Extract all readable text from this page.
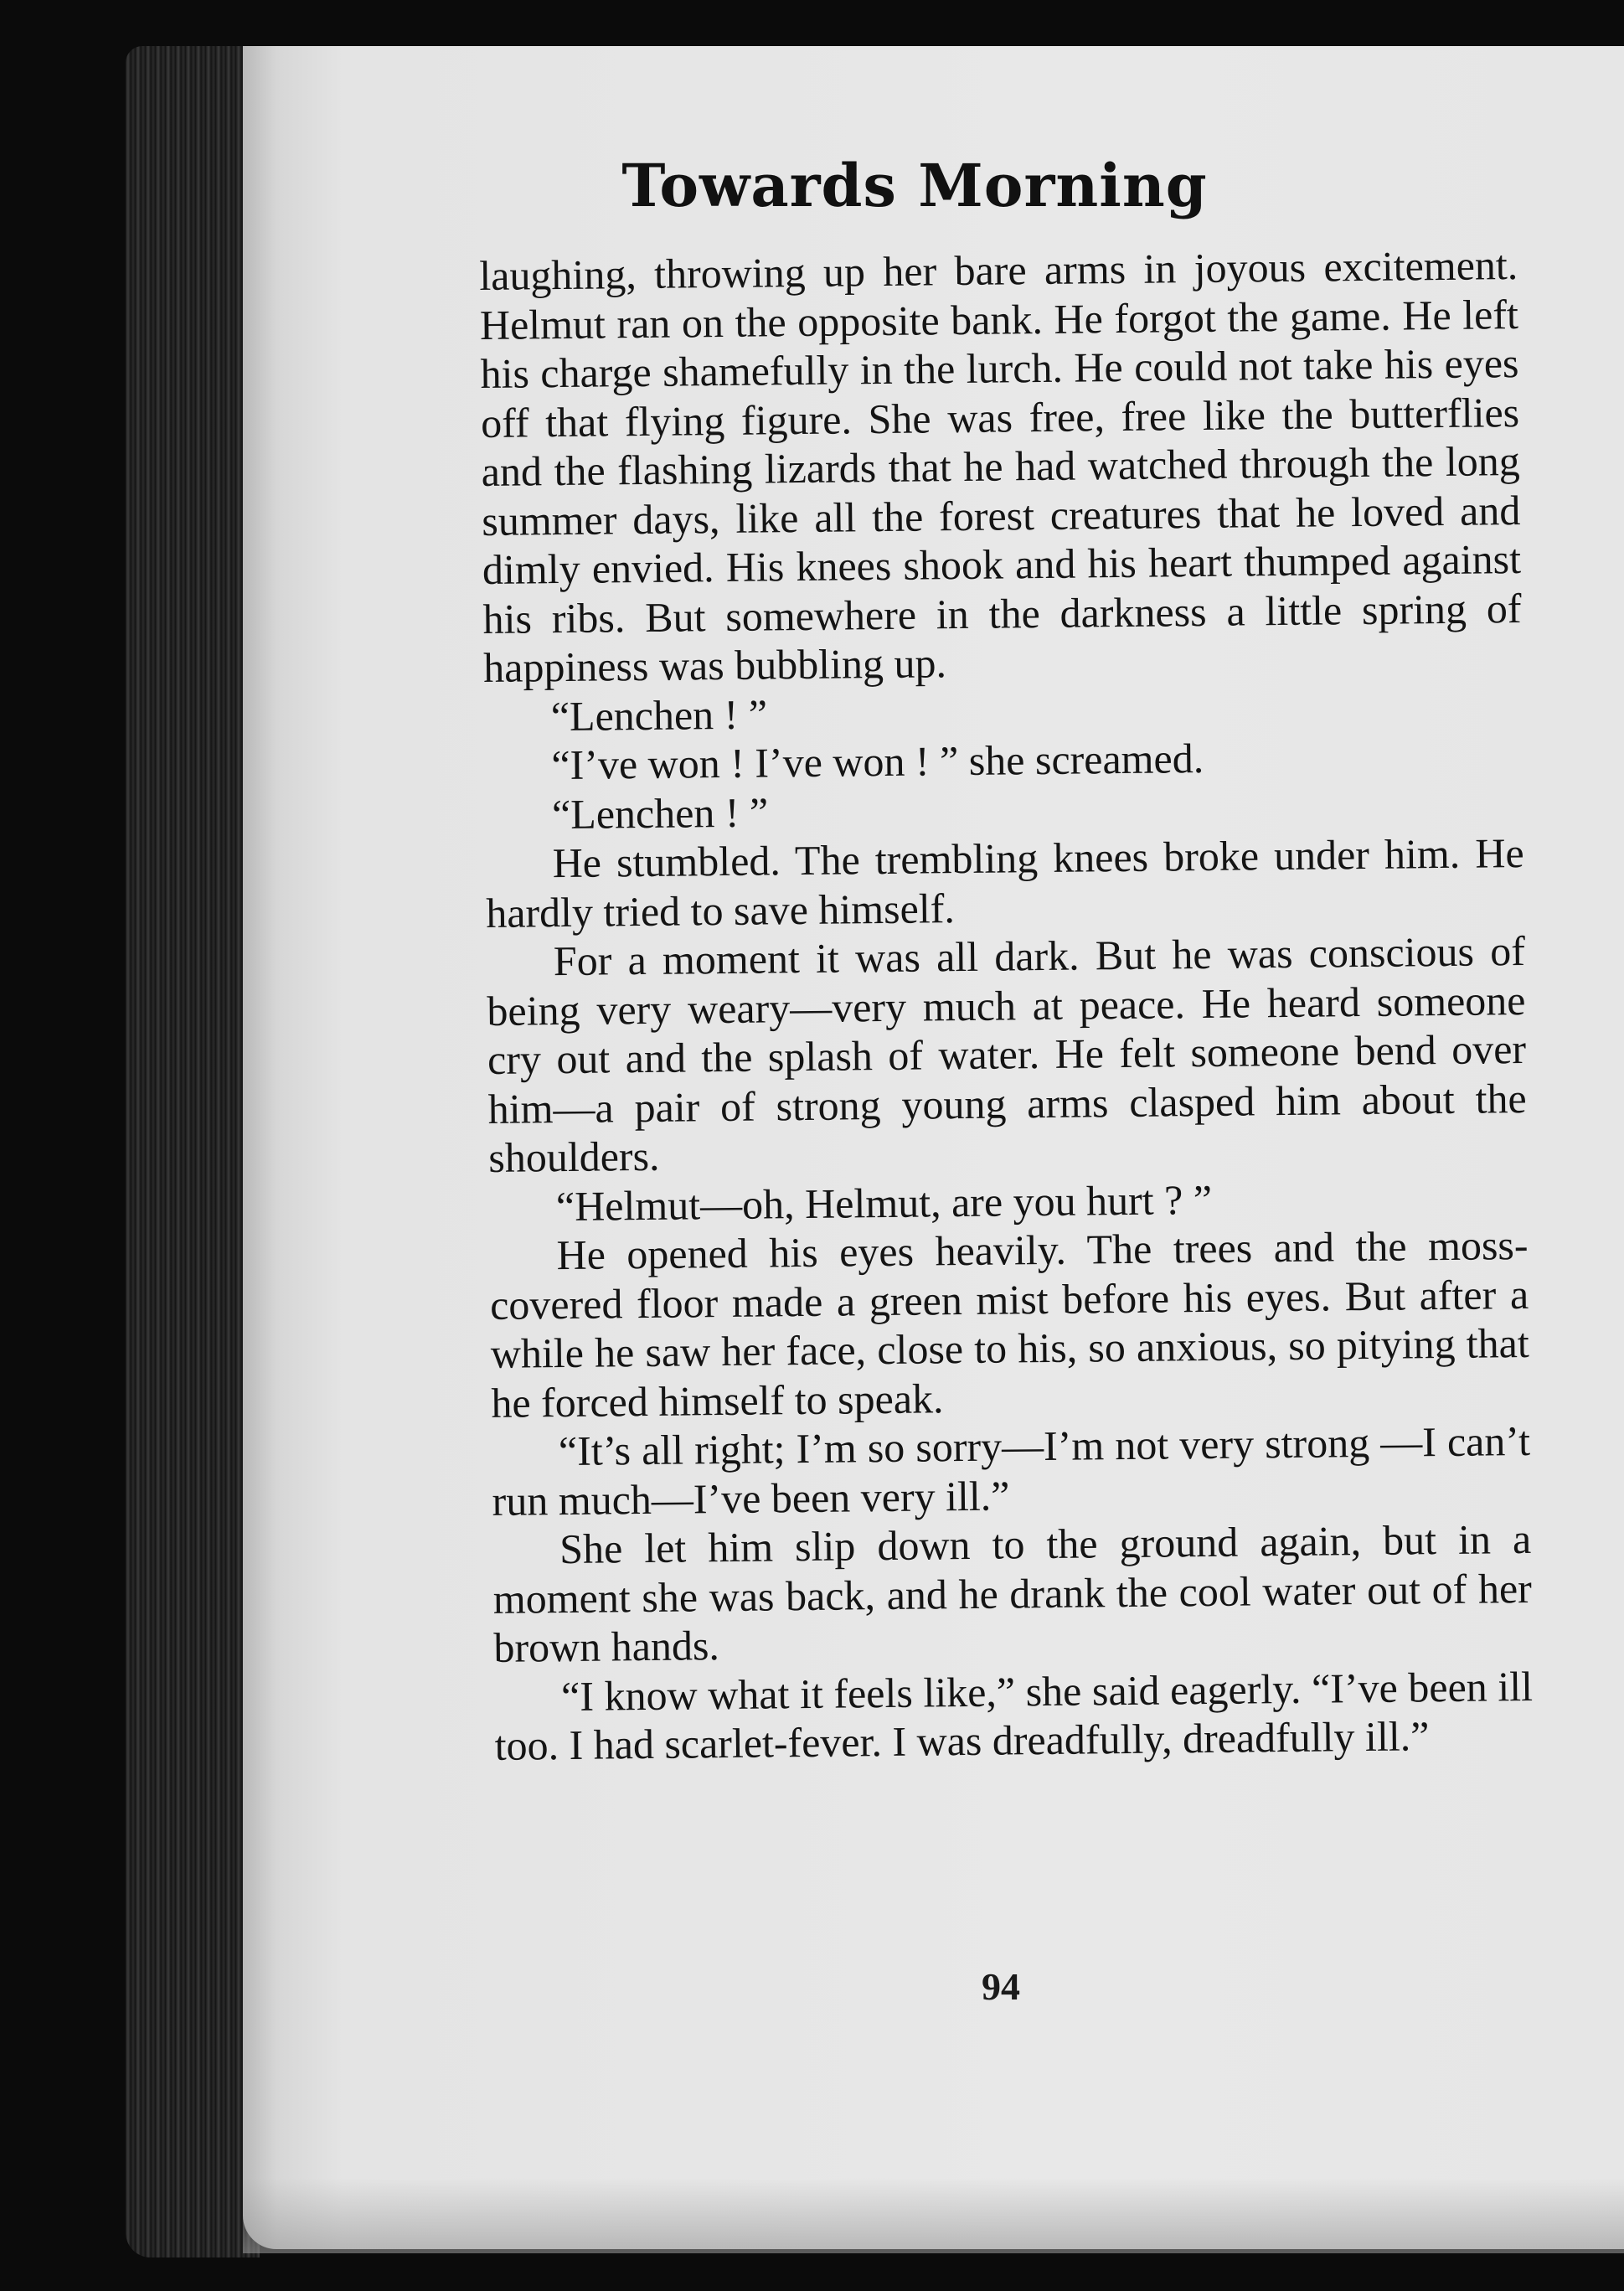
Towards Morning

laughing, throwing up her bare arms in joyous excitement. Helmut ran on the opposite bank. He forgot the game. He left his charge shamefully in the lurch. He could not take his eyes off that flying figure. She was free, free like the butterflies and the flashing lizards that he had watched through the long summer days, like all the forest creatures that he loved and dimly envied. His knees shook and his heart thumped against his ribs. But somewhere in the darkness a little spring of happiness was bubbling up.

“Lenchen ! ”

“I’ve won ! I’ve won ! ” she screamed.

“Lenchen ! ”

He stumbled. The trembling knees broke under him. He hardly tried to save himself.

For a moment it was all dark. But he was conscious of being very weary—very much at peace. He heard someone cry out and the splash of water. He felt someone bend over him—a pair of strong young arms clasped him about the shoulders.

“Helmut—oh, Helmut, are you hurt ? ”

He opened his eyes heavily. The trees and the moss-covered floor made a green mist before his eyes. But after a while he saw her face, close to his, so anxious, so pitying that he forced himself to speak.

“It’s all right; I’m so sorry—I’m not very strong —I can’t run much—I’ve been very ill.”

She let him slip down to the ground again, but in a moment she was back, and he drank the cool water out of her brown hands.

“I know what it feels like,” she said eagerly. “I’ve been ill too. I had scarlet-fever. I was dreadfully, dreadfully ill.”

94
